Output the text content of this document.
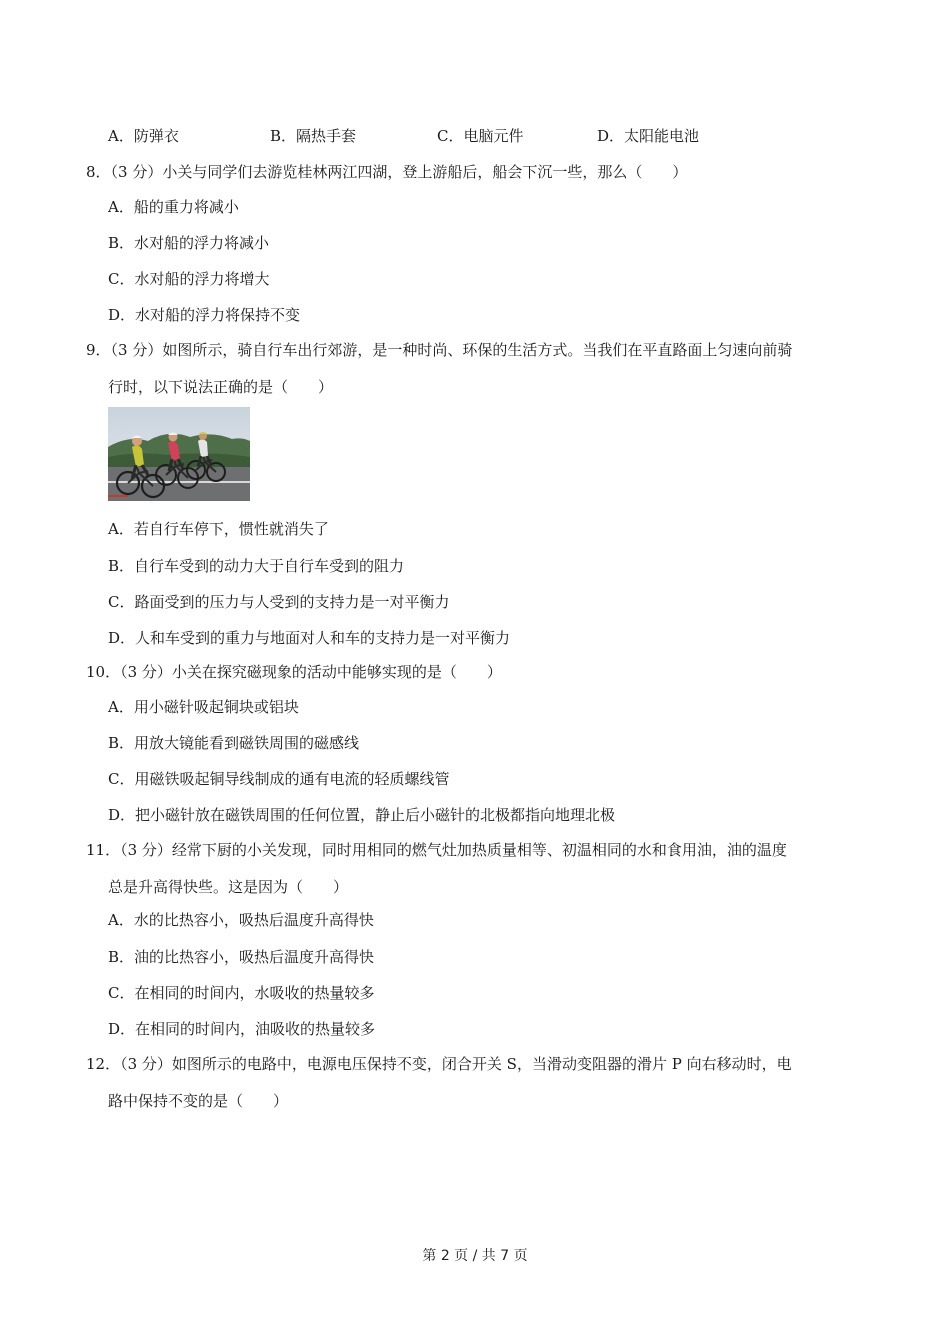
A．防弹衣	B．隔热手套	C．电脑元件	D．太阳能电池
8．（3 分）小关与同学们去游览桂林两江四湖，登上游船后，船会下沉一些，那么（　　）
A．船的重力将减小
B．水对船的浮力将减小
C．水对船的浮力将增大
D．水对船的浮力将保持不变
9．（3 分）如图所示，骑自行车出行郊游，是一种时尚、环保的生活方式。当我们在平直路面上匀速向前骑
行时，以下说法正确的是（　　）
A．若自行车停下，惯性就消失了
B．自行车受到的动力大于自行车受到的阻力
C．路面受到的压力与人受到的支持力是一对平衡力
D．人和车受到的重力与地面对人和车的支持力是一对平衡力
10．（3 分）小关在探究磁现象的活动中能够实现的是（　　）
A．用小磁针吸起铜块或铝块
B．用放大镜能看到磁铁周围的磁感线
C．用磁铁吸起铜导线制成的通有电流的轻质螺线管
D．把小磁针放在磁铁周围的任何位置，静止后小磁针的北极都指向地理北极
11．（3 分）经常下厨的小关发现，同时用相同的燃气灶加热质量相等、初温相同的水和食用油，油的温度
总是升高得快些。这是因为（　　）
A．水的比热容小，吸热后温度升高得快
B．油的比热容小，吸热后温度升高得快
C．在相同的时间内，水吸收的热量较多
D．在相同的时间内，油吸收的热量较多
12．（3 分）如图所示的电路中，电源电压保持不变，闭合开关 S，当滑动变阻器的滑片 P 向右移动时，电
路中保持不变的是（　　）
第 2 页 / 共 7 页
